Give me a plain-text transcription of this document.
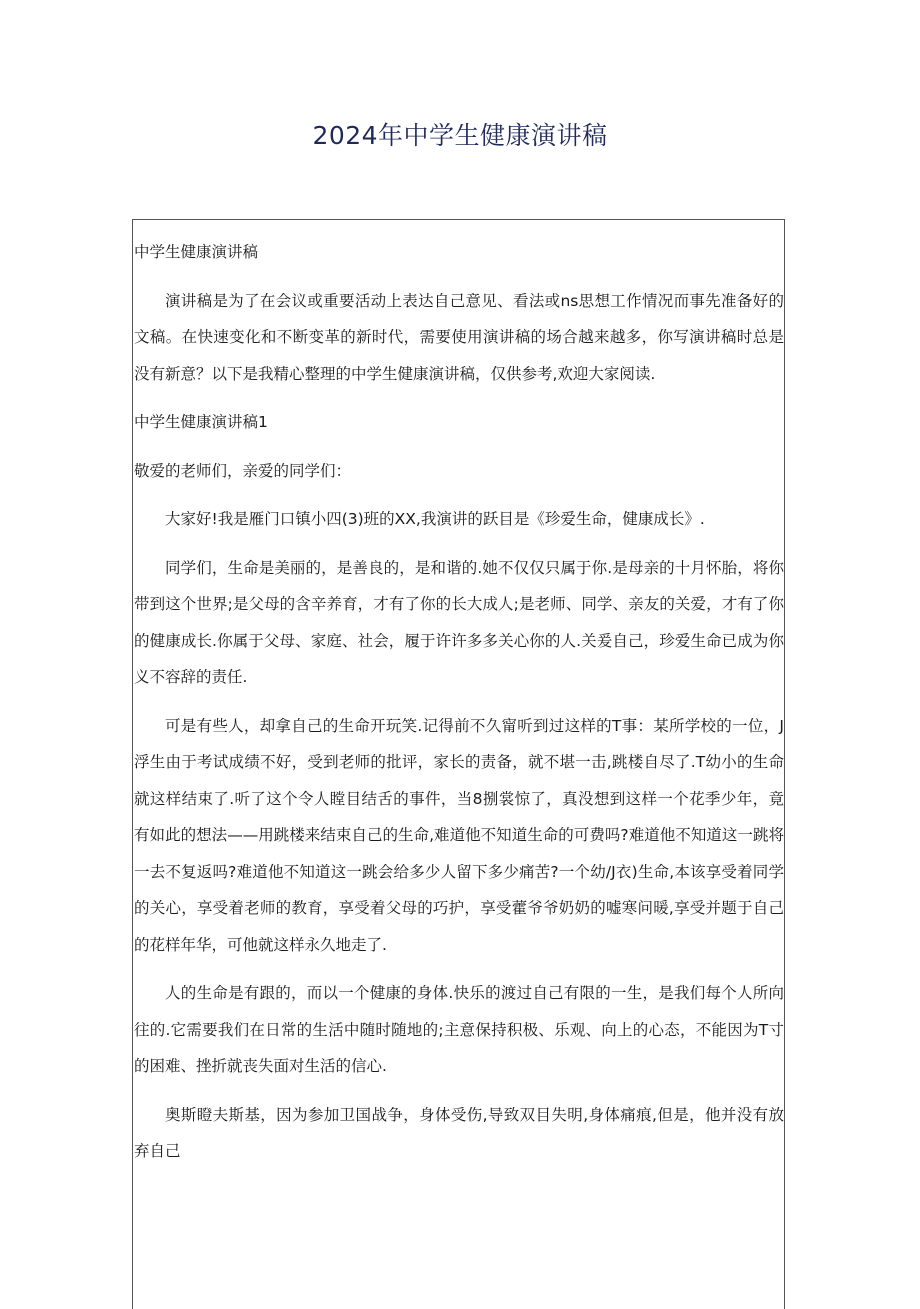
2024年中学生健康演讲稿

中学生健康演讲稿

演讲稿是为了在会议或重要活动上表达自己意见、看法或ns思想工作情况而事先准备好的文稿。在快速变化和不断变革的新时代，需要使用演讲稿的场合越来越多，你写演讲稿时总是没有新意？以下是我精心整理的中学生健康演讲稿，仅供参考,欢迎大家阅读.

中学生健康演讲稿1

敬爱的老师们，亲爱的同学们：

大家好!我是雁门口镇小四(3)班的XX,我演讲的跃目是《珍爱生命，健康成长》.

同学们，生命是美丽的，是善良的，是和谐的.她不仅仅只属于你.是母亲的十月怀胎，将你带到这个世界;是父母的含辛养育，才有了你的长大成人;是老师、同学、亲友的关爱，才有了你的健康成长.你属于父母、家庭、社会，履于许许多多关心你的人.关爰自己，珍爱生命已成为你义不容辞的责任.

可是有些人，却拿自己的生命开玩笑.记得前不久甯听到过这样的T事：某所学校的一位，J浮生由于考试成绩不好，受到老师的批评，家长的责备，就不堪一击,跳楼自尽了.T幼小的生命就这样结束了.听了这个令人瞠目结舌的事件，当8捌裳惊了，真没想到这样一个花季少年，竟有如此的想法——用跳楼来结束自己的生命,难道他不知道生命的可费吗?难道他不知道这一跳将一去不复返吗?难道他不知道这一跳会给多少人留下多少痛苦?一个幼/J衣)生命,本该享受着同学的关心，享受着老师的教育，享受着父母的巧护，享受藿爷爷奶奶的嘘寒问暖,享受并题于自己的花样年华，可他就这样永久地走了.

人的生命是有跟的，而以一个健康的身体.快乐的渡过自己有限的一生，是我们每个人所向往的.它需要我们在日常的生活中随时随地的;主意保持积极、乐观、向上的心态，不能因为T寸的困难、挫折就丧失面对生活的信心.

奥斯瞪夫斯基，因为参加卫国战争，身体受伤,导致双目失明,身体痛痕,但是，他并没有放弃自己
